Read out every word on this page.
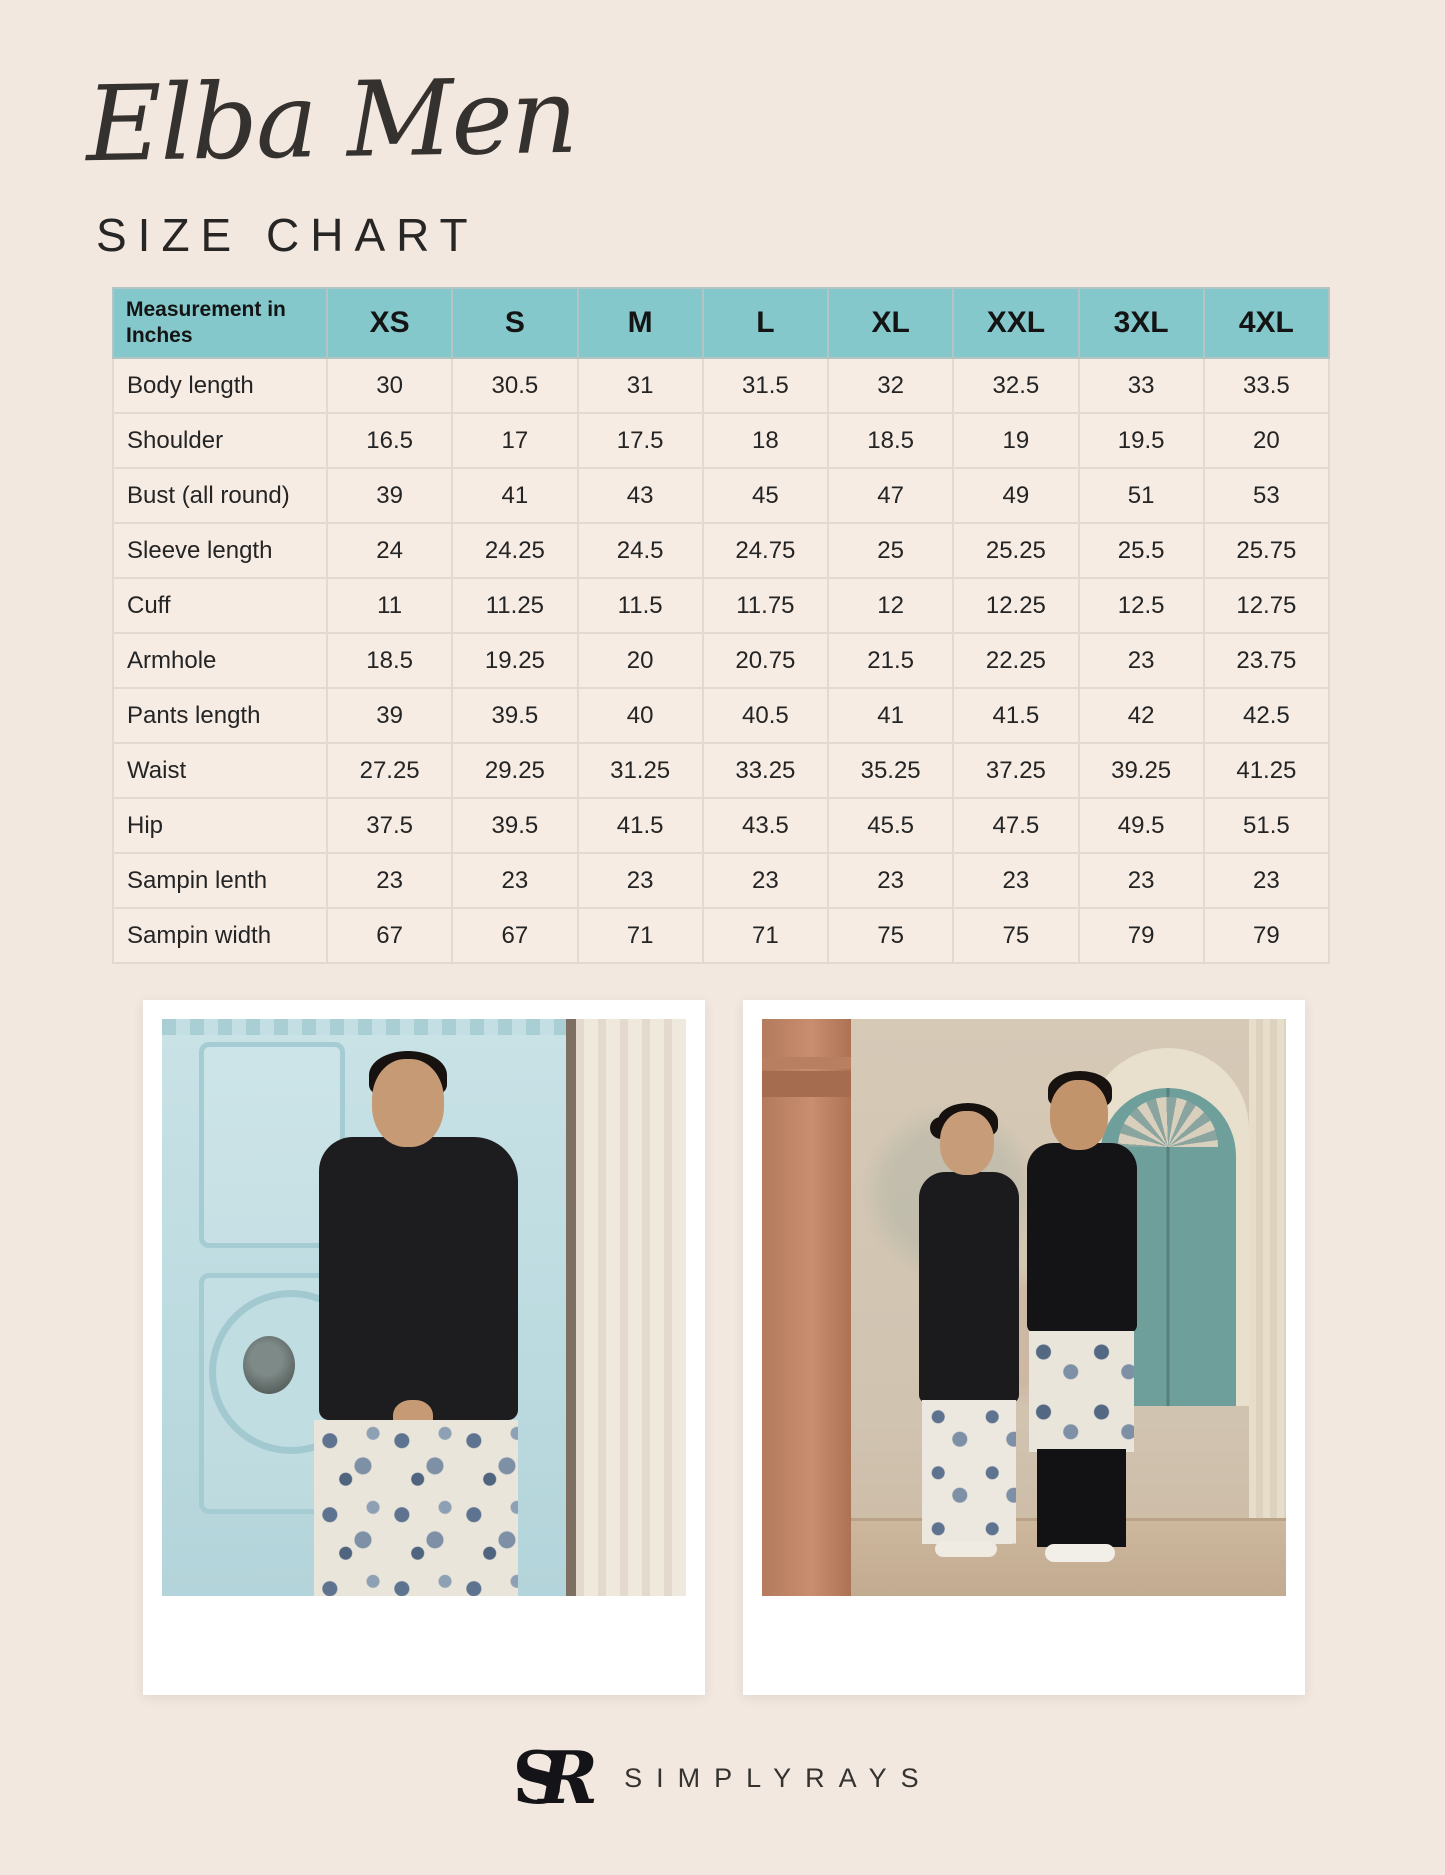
Elba Men
SIZE CHART
Measurement in Inches	XS	S	M	L	XL	XXL	3XL	4XL
Body length	30	30.5	31	31.5	32	32.5	33	33.5
Shoulder	16.5	17	17.5	18	18.5	19	19.5	20
Bust (all round)	39	41	43	45	47	49	51	53
Sleeve length	24	24.25	24.5	24.75	25	25.25	25.5	25.75
Cuff	11	11.25	11.5	11.75	12	12.25	12.5	12.75
Armhole	18.5	19.25	20	20.75	21.5	22.25	23	23.75
Pants length	39	39.5	40	40.5	41	41.5	42	42.5
Waist	27.25	29.25	31.25	33.25	35.25	37.25	39.25	41.25
Hip	37.5	39.5	41.5	43.5	45.5	47.5	49.5	51.5
Sampin lenth	23	23	23	23	23	23	23	23
Sampin width	67	67	71	71	75	75	79	79
SR	SIMPLYRAYS
